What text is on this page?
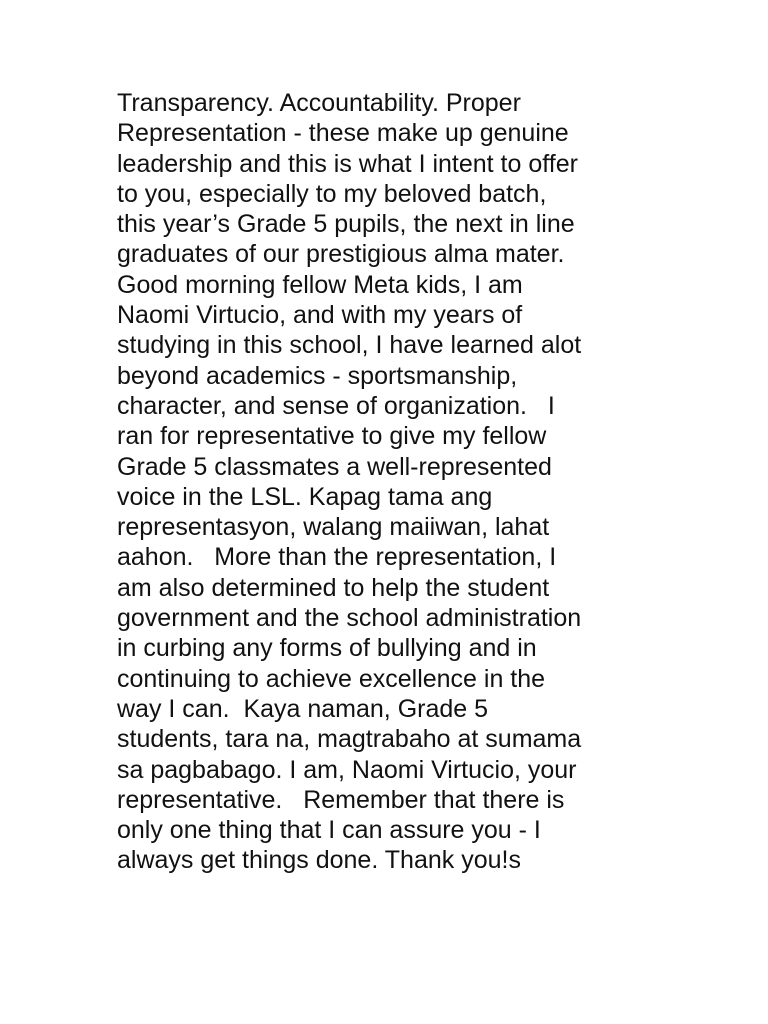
Transparency. Accountability. Proper

Representation - these make up genuine

leadership and this is what I intent to offer

to you, especially to my beloved batch,

this year’s Grade 5 pupils, the next in line

graduates of our prestigious alma mater.

Good morning fellow Meta kids, I am

Naomi Virtucio, and with my years of

studying in this school, I have learned alot

beyond academics - sportsmanship,

character, and sense of organization.   I

ran for representative to give my fellow

Grade 5 classmates a well-represented

voice in the LSL. Kapag tama ang

representasyon, walang maiiwan, lahat

aahon.   More than the representation, I

am also determined to help the student

government and the school administration

in curbing any forms of bullying and in

continuing to achieve excellence in the

way I can.  Kaya naman, Grade 5

students, tara na, magtrabaho at sumama

sa pagbabago. I am, Naomi Virtucio, your

representative.   Remember that there is

only one thing that I can assure you - I

always get things done. Thank you!s
